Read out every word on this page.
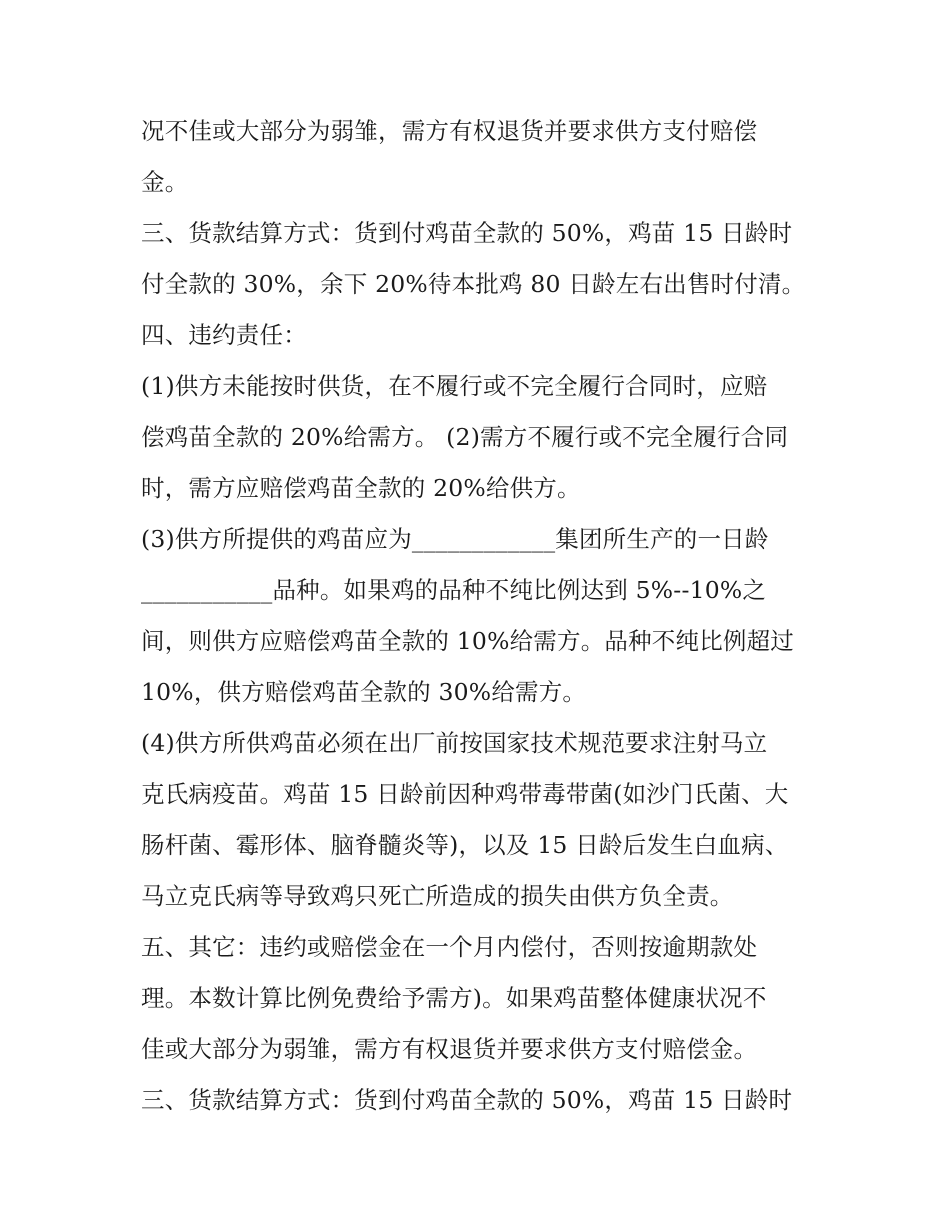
况不佳或大部分为弱雏，需方有权退货并要求供方支付赔偿
金。
三、货款结算方式：货到付鸡苗全款的 50%，鸡苗 15 日龄时
付全款的 30%，余下 20%待本批鸡 80 日龄左右出售时付清。
四、违约责任：
(1)供方未能按时供货，在不履行或不完全履行合同时，应赔
偿鸡苗全款的 20%给需方。 (2)需方不履行或不完全履行合同
时，需方应赔偿鸡苗全款的 20%给供方。
(3)供方所提供的鸡苗应为____________集团所生产的一日龄
___________品种。如果鸡的品种不纯比例达到 5%--10%之
间，则供方应赔偿鸡苗全款的 10%给需方。品种不纯比例超过
10%，供方赔偿鸡苗全款的 30%给需方。
(4)供方所供鸡苗必须在出厂前按国家技术规范要求注射马立
克氏病疫苗。鸡苗 15 日龄前因种鸡带毒带菌(如沙门氏菌、大
肠杆菌、霉形体、脑脊髓炎等)，以及 15 日龄后发生白血病、
马立克氏病等导致鸡只死亡所造成的损失由供方负全责。
五、其它：违约或赔偿金在一个月内偿付，否则按逾期款处
理。本数计算比例免费给予需方)。如果鸡苗整体健康状况不
佳或大部分为弱雏，需方有权退货并要求供方支付赔偿金。
三、货款结算方式：货到付鸡苗全款的 50%，鸡苗 15 日龄时
